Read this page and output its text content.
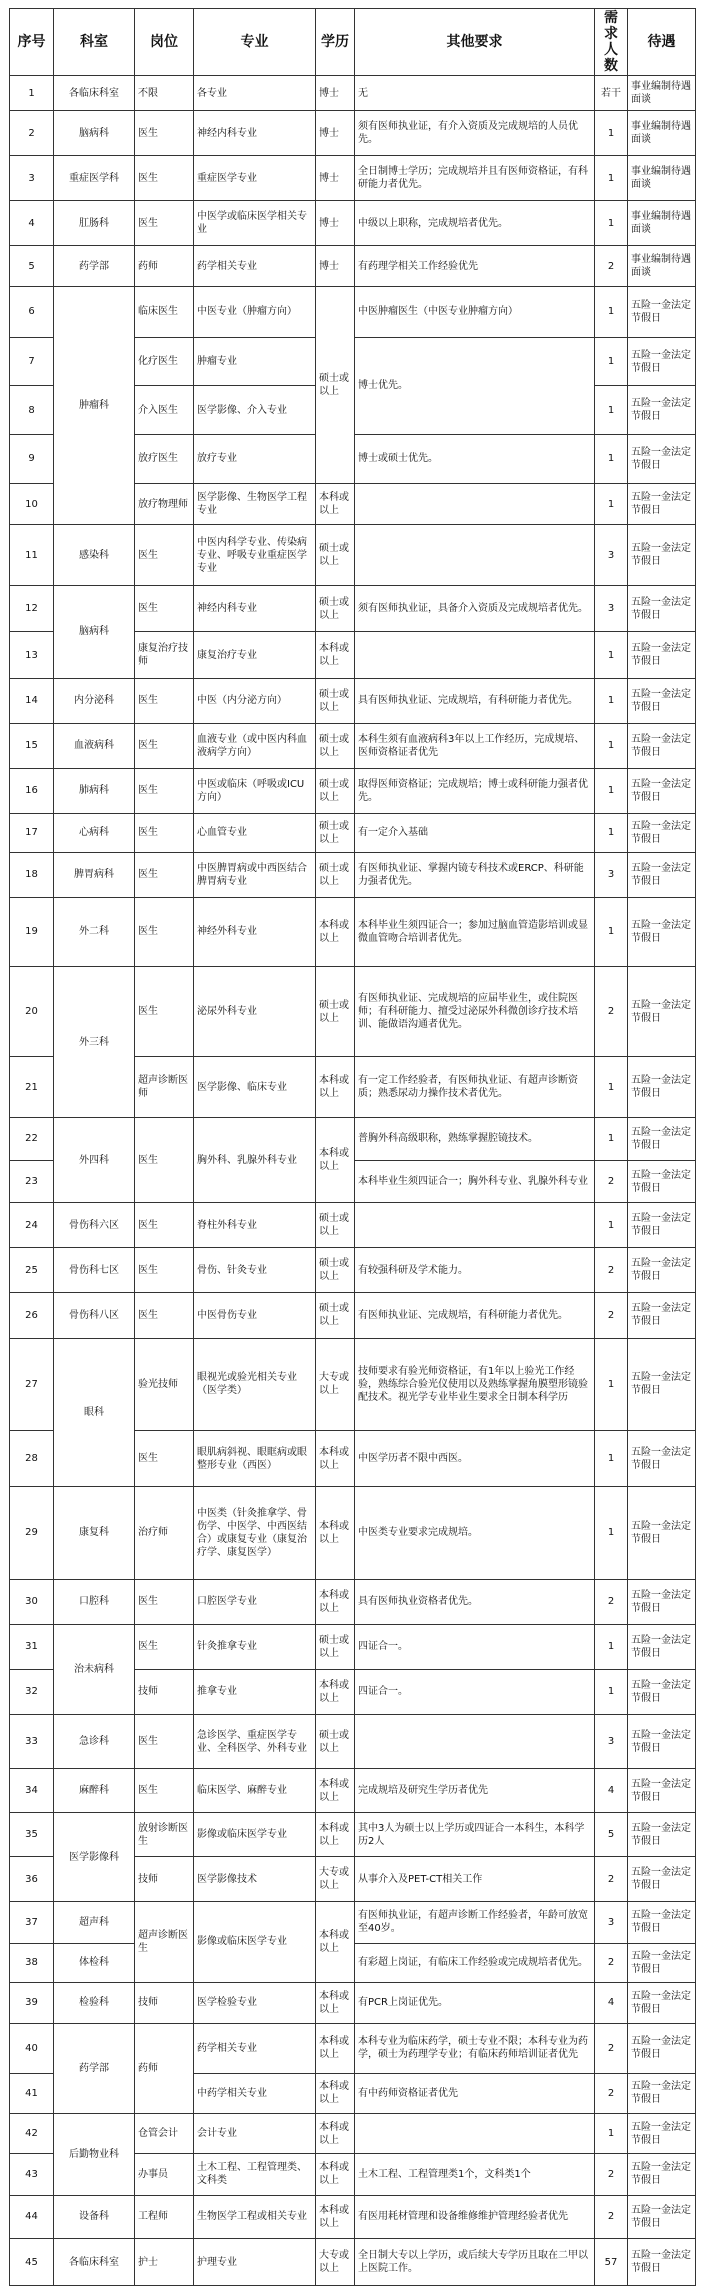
序号	科室	岗位	专业	学历	其他要求	需求人数	待遇
1	各临床科室	不限	各专业	博士	无	若干	事业编制待遇面谈
2	脑病科	医生	神经内科专业	博士	须有医师执业证，有介入资质及完成规培的人员优先。	1	事业编制待遇面谈
3	重症医学科	医生	重症医学专业	博士	全日制博士学历；完成规培并且有医师资格证，有科研能力者优先。	1	事业编制待遇面谈
4	肛肠科	医生	中医学或临床医学相关专业	博士	中级以上职称，完成规培者优先。	1	事业编制待遇面谈
5	药学部	药师	药学相关专业	博士	有药理学相关工作经验优先	2	事业编制待遇面谈
6	肿瘤科	临床医生	中医专业（肿瘤方向）	硕士或以上	中医肿瘤医生（中医专业肿瘤方向）	1	五险一金法定节假日
7		化疗医生	肿瘤专业		博士优先。	1	五险一金法定节假日
8		介入医生	医学影像、介入专业			1	五险一金法定节假日
9		放疗医生	放疗专业		博士或硕士优先。	1	五险一金法定节假日
10		放疗物理师	医学影像、生物医学工程专业	本科或以上		1	五险一金法定节假日
11	感染科	医生	中医内科学专业、传染病专业、呼吸专业重症医学专业	硕士或以上		3	五险一金法定节假日
12	脑病科	医生	神经内科专业	硕士或以上	须有医师执业证，具备介入资质及完成规培者优先。	3	五险一金法定节假日
13		康复治疗技师	康复治疗专业	本科或以上		1	五险一金法定节假日
14	内分泌科	医生	中医（内分泌方向）	硕士或以上	具有医师执业证、完成规培，有科研能力者优先。	1	五险一金法定节假日
15	血液病科	医生	血液专业（或中医内科血液病学方向）	硕士或以上	本科生须有血液病科3年以上工作经历，完成规培、医师资格证者优先	1	五险一金法定节假日
16	肺病科	医生	中医或临床（呼吸或ICU方向）	硕士或以上	取得医师资格证；完成规培；博士或科研能力强者优先。	1	五险一金法定节假日
17	心病科	医生	心血管专业	硕士或以上	有一定介入基础	1	五险一金法定节假日
18	脾胃病科	医生	中医脾胃病或中西医结合脾胃病专业	硕士或以上	有医师执业证、掌握内镜专科技术或ERCP、科研能力强者优先。	3	五险一金法定节假日
19	外二科	医生	神经外科专业	本科或以上	本科毕业生须四证合一；参加过脑血管造影培训或显微血管吻合培训者优先。	1	五险一金法定节假日
20	外三科	医生	泌尿外科专业	硕士或以上	有医师执业证、完成规培的应届毕业生，或住院医师；有科研能力、擅受过泌尿外科微创诊疗技术培训、能做语沟通者优先。	2	五险一金法定节假日
21		超声诊断医师	医学影像、临床专业	本科或以上	有一定工作经验者，有医师执业证、有超声诊断资质；熟悉尿动力操作技术者优先。	1	五险一金法定节假日
22	外四科	医生	胸外科、乳腺外科专业	本科或以上	普胸外科高级职称，熟练掌握腔镜技术。	1	五险一金法定节假日
23					本科毕业生须四证合一；胸外科专业、乳腺外科专业	2	五险一金法定节假日
24	骨伤科六区	医生	脊柱外科专业	硕士或以上		1	五险一金法定节假日
25	骨伤科七区	医生	骨伤、针灸专业	硕士或以上	有较强科研及学术能力。	2	五险一金法定节假日
26	骨伤科八区	医生	中医骨伤专业	硕士或以上	有医师执业证、完成规培，有科研能力者优先。	2	五险一金法定节假日
27	眼科	验光技师	眼视光或验光相关专业（医学类）	大专或以上	技师要求有验光师资格证，有1年以上验光工作经验，熟练综合验光仪使用以及熟练掌握角膜塑形镜验配技术。视光学专业毕业生要求全日制本科学历	1	五险一金法定节假日
28		医生	眼肌病斜视、眼眶病或眼整形专业（西医）	本科或以上	中医学历者不限中西医。	1	五险一金法定节假日
29	康复科	治疗师	中医类（针灸推拿学、骨伤学、中医学、中西医结合）或康复专业（康复治疗学、康复医学）	本科或以上	中医类专业要求完成规培。	1	五险一金法定节假日
30	口腔科	医生	口腔医学专业	本科或以上	具有医师执业资格者优先。	2	五险一金法定节假日
31	治未病科	医生	针灸推拿专业	硕士或以上	四证合一。	1	五险一金法定节假日
32		技师	推拿专业	本科或以上	四证合一。	1	五险一金法定节假日
33	急诊科	医生	急诊医学、重症医学专业、全科医学、外科专业	硕士或以上		3	五险一金法定节假日
34	麻醉科	医生	临床医学、麻醉专业	本科或以上	完成规培及研究生学历者优先	4	五险一金法定节假日
35	医学影像科	放射诊断医生	影像或临床医学专业	本科或以上	其中3人为硕士以上学历或四证合一本科生，本科学历2人	5	五险一金法定节假日
36		技师	医学影像技术	大专或以上	从事介入及PET-CT相关工作	2	五险一金法定节假日
37	超声科	超声诊断医生	影像或临床医学专业	本科或以上	有医师执业证，有超声诊断工作经验者，年龄可放宽至40岁。	3	五险一金法定节假日
38	体检科				有彩超上岗证，有临床工作经验或完成规培者优先。	2	五险一金法定节假日
39	检验科	技师	医学检验专业	本科或以上	有PCR上岗证优先。	4	五险一金法定节假日
40	药学部	药师	药学相关专业	本科或以上	本科专业为临床药学，硕士专业不限；本科专业为药学，硕士为药理学专业；有临床药师培训证者优先	2	五险一金法定节假日
41			中药学相关专业	本科或以上	有中药师资格证者优先	2	五险一金法定节假日
42	后勤物业科	仓管会计	会计专业	本科或以上		1	五险一金法定节假日
43		办事员	土木工程、工程管理类、文科类	本科或以上	土木工程、工程管理类1个，文科类1个	2	五险一金法定节假日
44	设备科	工程师	生物医学工程或相关专业	本科或以上	有医用耗材管理和设备维修维护管理经验者优先	2	五险一金法定节假日
45	各临床科室	护士	护理专业	大专或以上	全日制大专以上学历，或后续大专学历且取在二甲以上医院工作。	57	五险一金法定节假日
